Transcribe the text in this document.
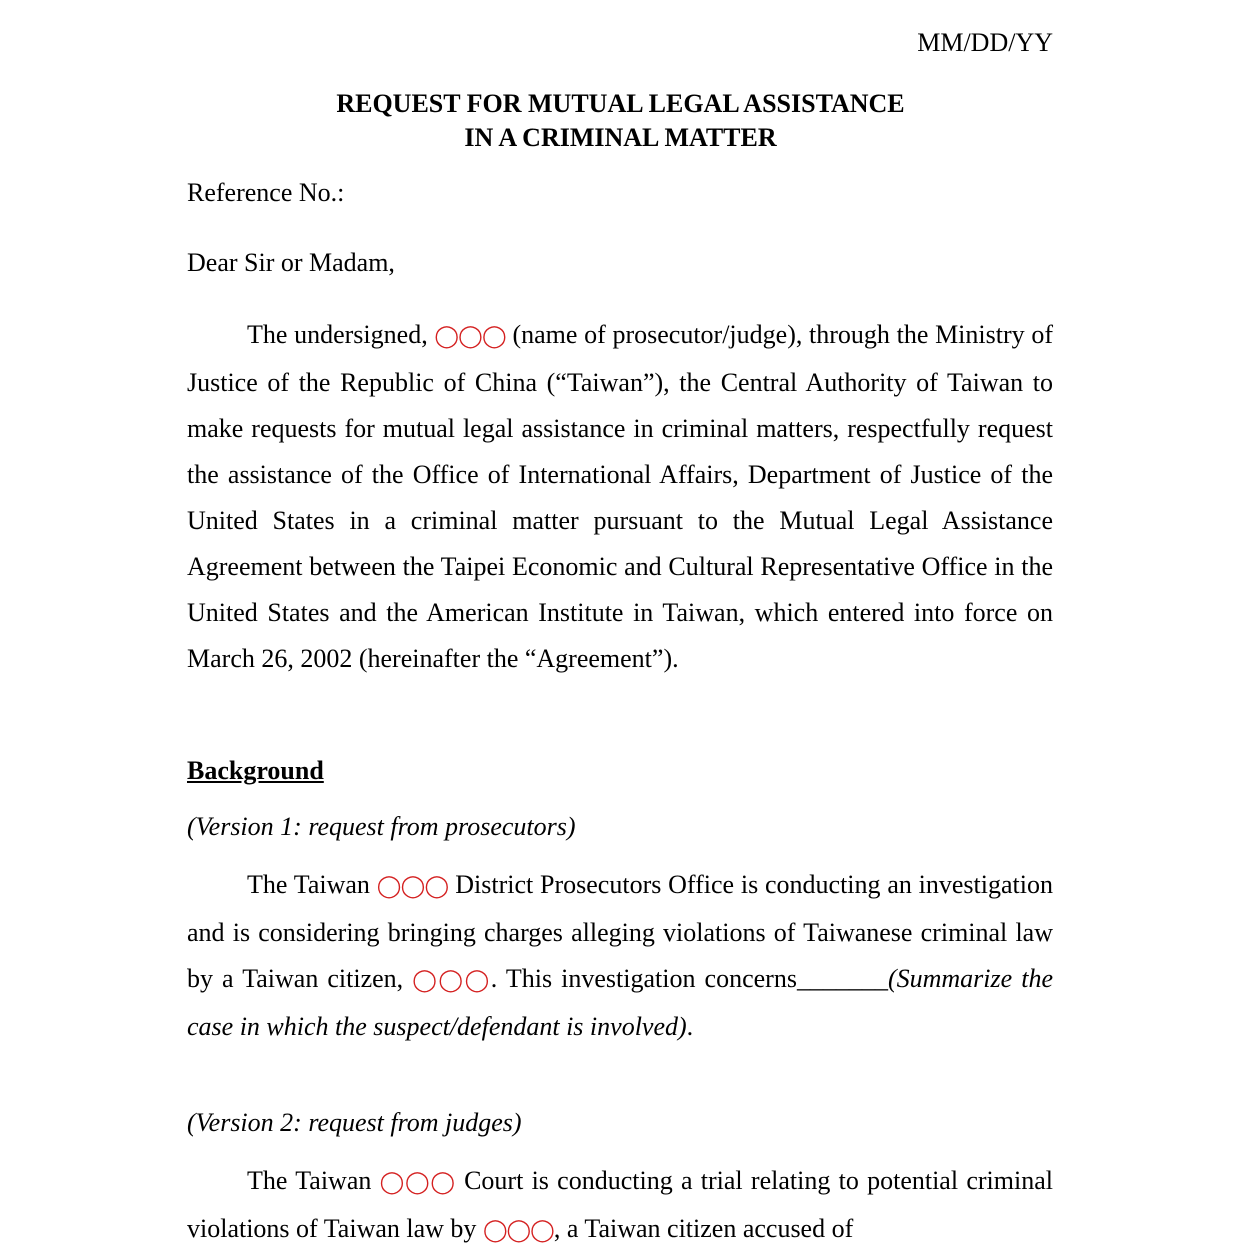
MM/DD/YY
REQUEST FOR MUTUAL LEGAL ASSISTANCE
IN A CRIMINAL MATTER
Reference No.:
Dear Sir or Madam,
The undersigned, ◯◯◯ (name of prosecutor/judge), through the Ministry of Justice of the Republic of China (“Taiwan”), the Central Authority of Taiwan to make requests for mutual legal assistance in criminal matters, respectfully request the assistance of the Office of International Affairs, Department of Justice of the United States in a criminal matter pursuant to the Mutual Legal Assistance Agreement between the Taipei Economic and Cultural Representative Office in the United States and the American Institute in Taiwan, which entered into force on March 26, 2002 (hereinafter the “Agreement”).
Background
(Version 1: request from prosecutors)
The Taiwan ◯◯◯ District Prosecutors Office is conducting an investigation and is considering bringing charges alleging violations of Taiwanese criminal law by a Taiwan citizen, ◯◯◯. This investigation concerns_______(Summarize the case in which the suspect/defendant is involved).
(Version 2: request from judges)
The Taiwan ◯◯◯ Court is conducting a trial relating to potential criminal violations of Taiwan law by ◯◯◯, a Taiwan citizen accused of
